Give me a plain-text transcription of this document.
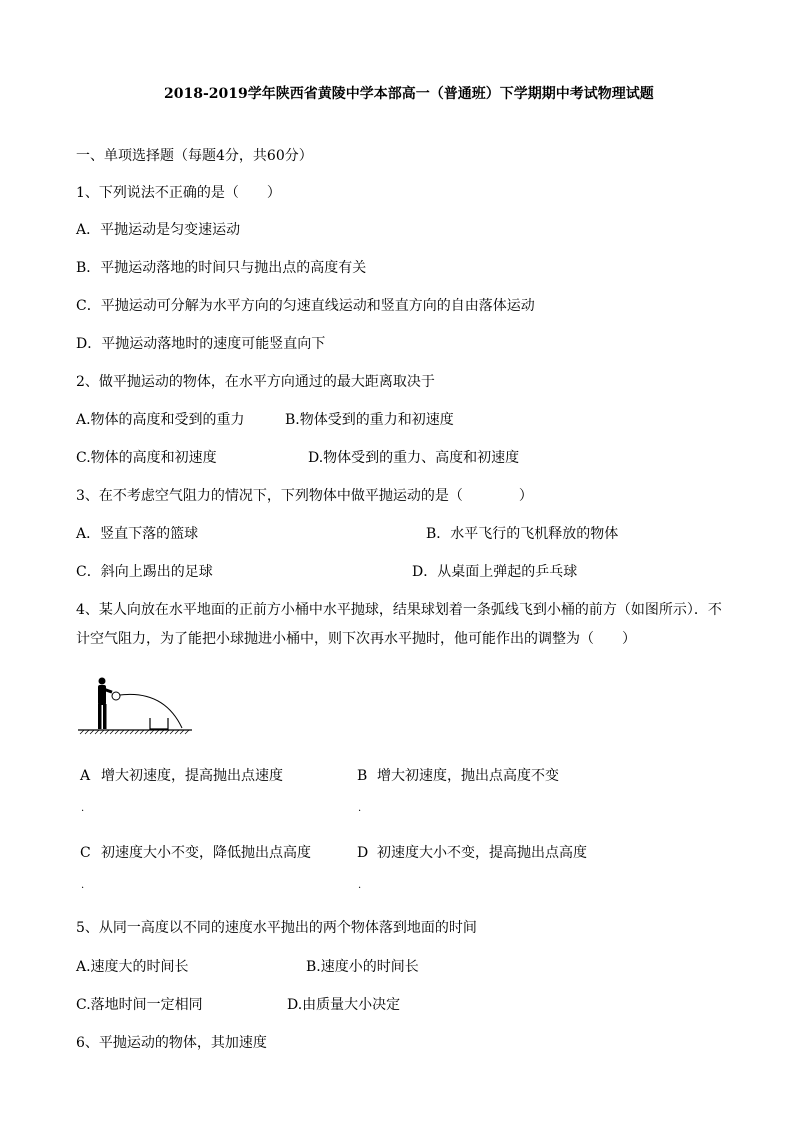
2018-2019学年陕西省黄陵中学本部高一（普通班）下学期期中考试物理试题
一、单项选择题（每题4分，共60分）
1、下列说法不正确的是（　　）
A．平抛运动是匀变速运动
B．平抛运动落地的时间只与抛出点的高度有关
C．平抛运动可分解为水平方向的匀速直线运动和竖直方向的自由落体运动
D．平抛运动落地时的速度可能竖直向下
2、做平抛运动的物体，在水平方向通过的最大距离取决于
A.物体的高度和受到的重力	B.物体受到的重力和初速度
C.物体的高度和初速度	D.物体受到的重力、高度和初速度
3、在不考虑空气阻力的情况下，下列物体中做平抛运动的是（　　　　）
A．竖直下落的篮球	B．水平飞行的飞机释放的物体
C．斜向上踢出的足球	D．从桌面上弹起的乒乓球
4、某人向放在水平地面的正前方小桶中水平抛球，结果球划着一条弧线飞到小桶的前方（如图所示）．不
计空气阻力，为了能把小球抛进小桶中，则下次再水平抛时，他可能作出的调整为（　　）
A 增大初速度，提高抛出点速度	B 增大初速度，抛出点高度不变
.	.
C 初速度大小不变，降低抛出点高度	D 初速度大小不变，提高抛出点高度
.	.
5、从同一高度以不同的速度水平抛出的两个物体落到地面的时间
A.速度大的时间长	B.速度小的时间长
C.落地时间一定相同	D.由质量大小决定
6、平抛运动的物体，其加速度
